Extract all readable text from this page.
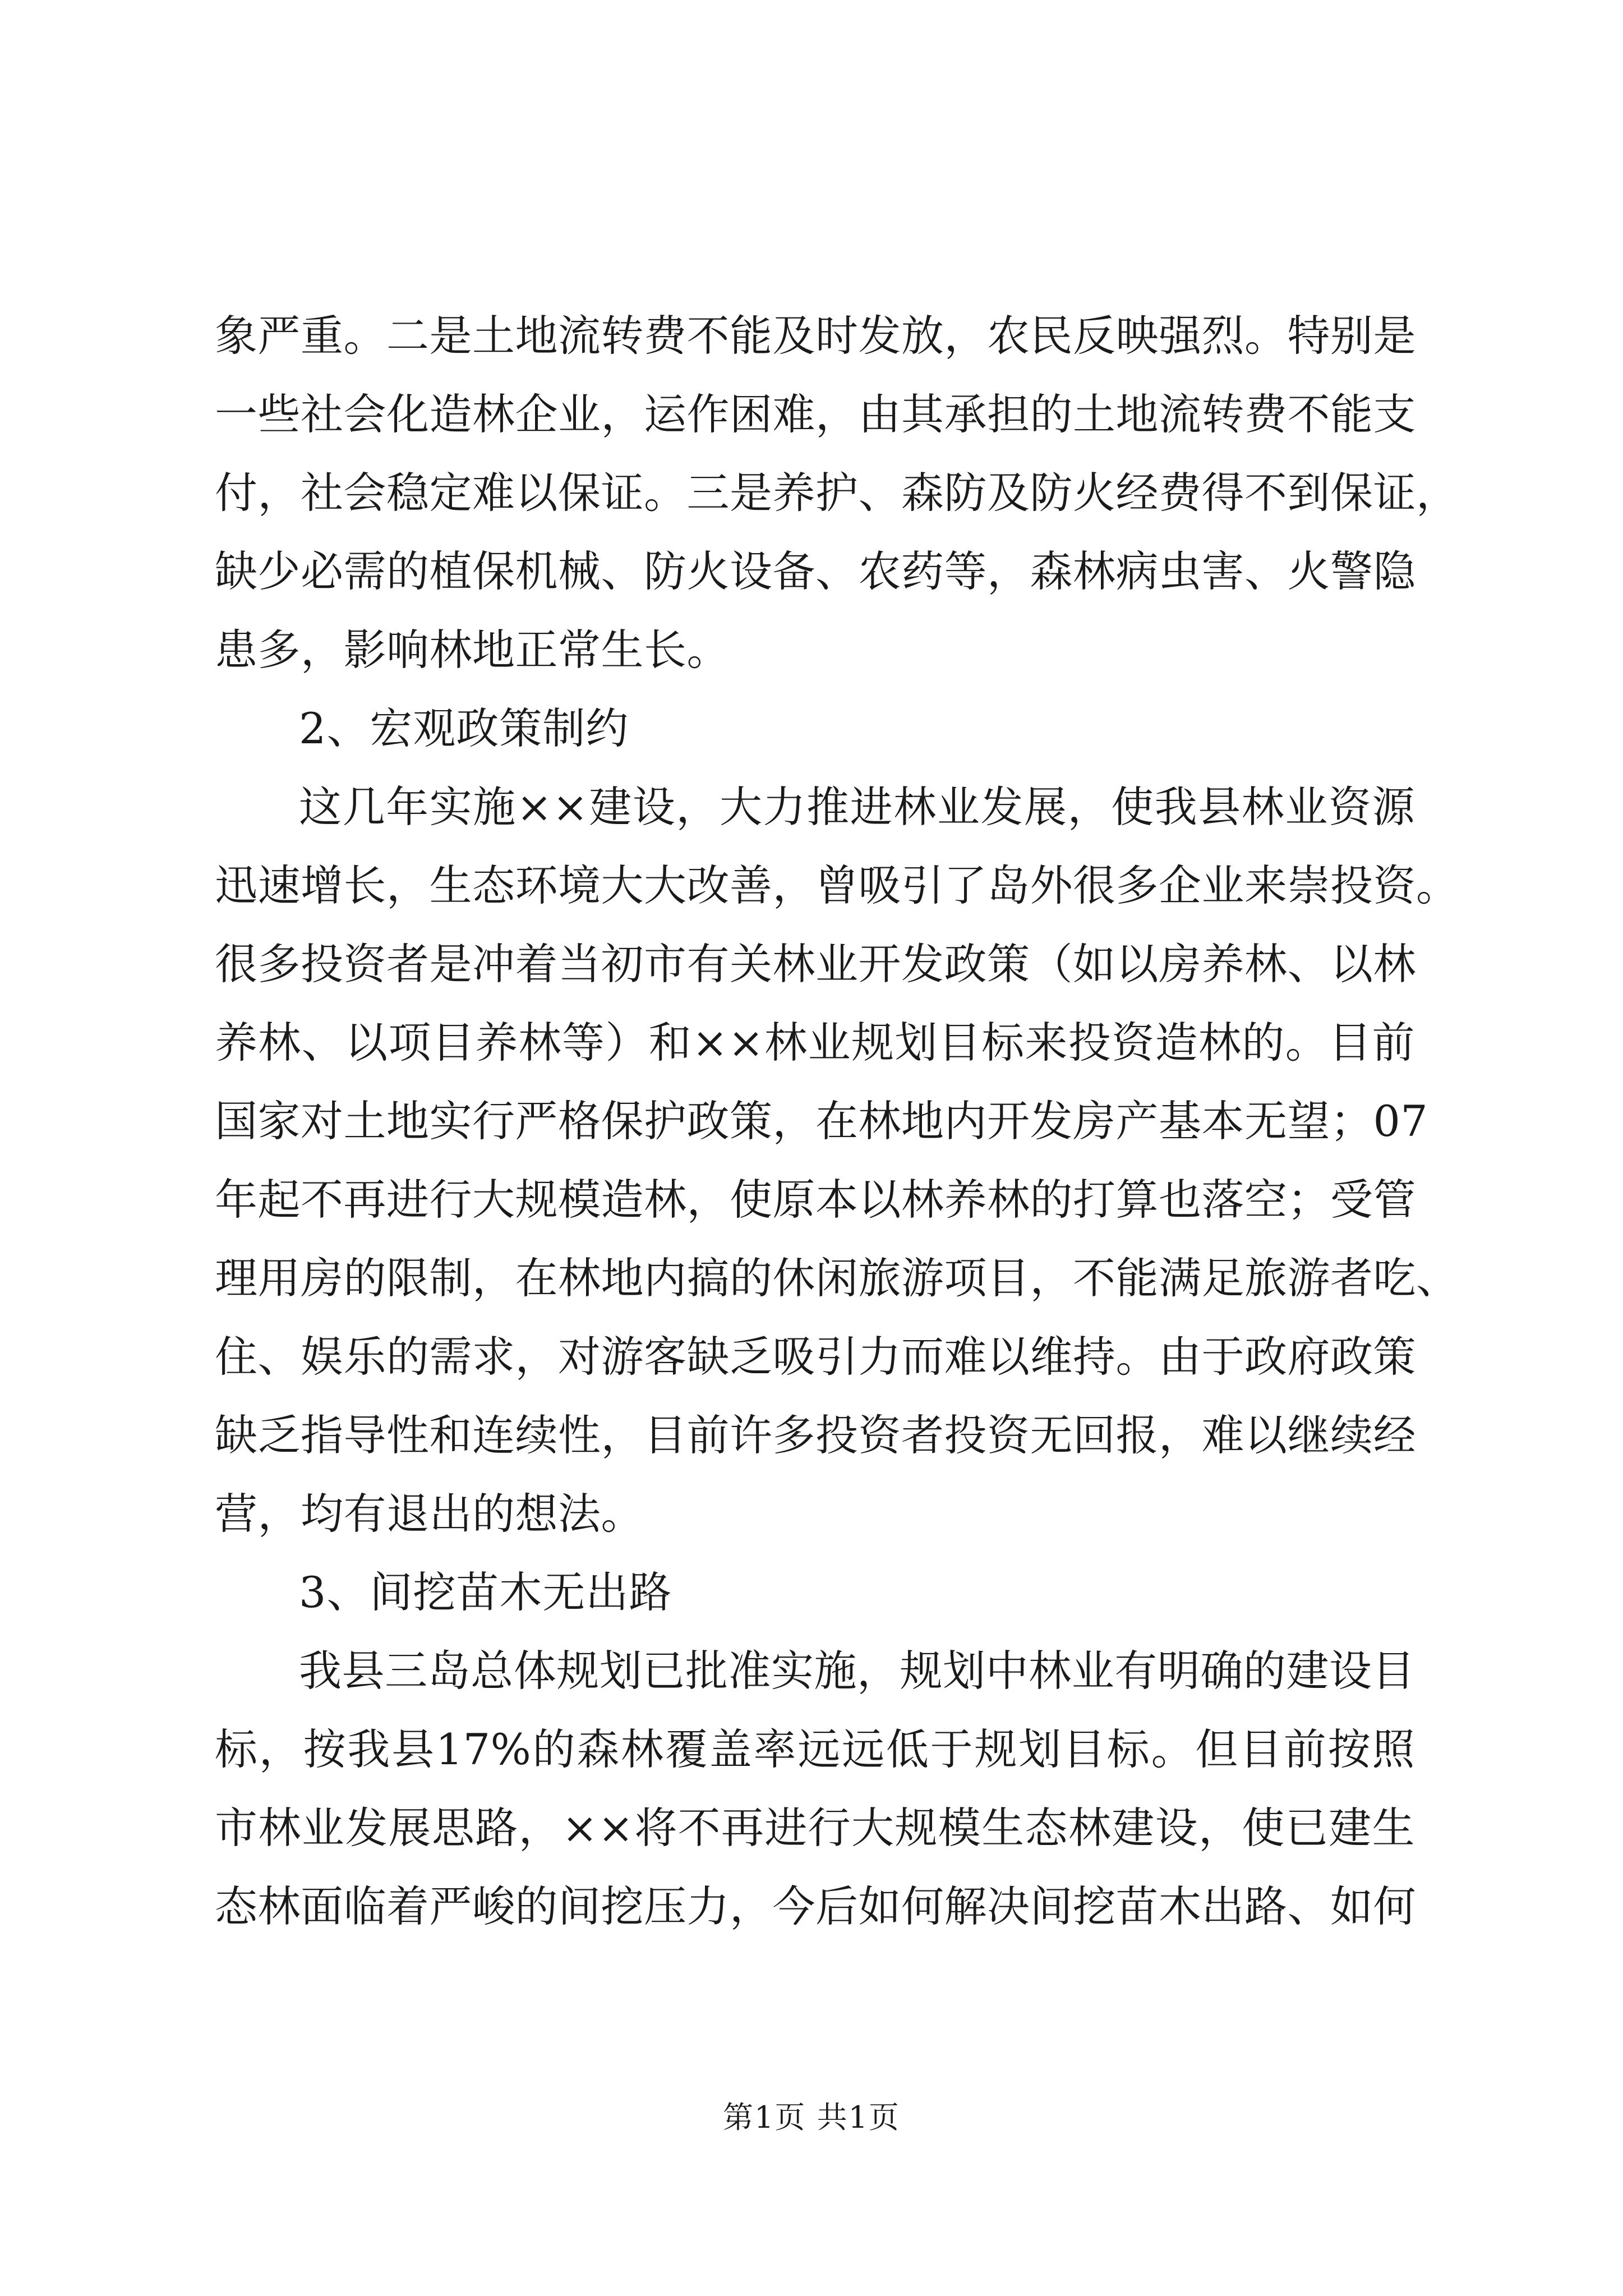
象严重。二是土地流转费不能及时发放，农民反映强烈。特别是
一些社会化造林企业，运作困难，由其承担的土地流转费不能支
付，社会稳定难以保证。三是养护、森防及防火经费得不到保证，
缺少必需的植保机械、防火设备、农药等，森林病虫害、火警隐
患多，影响林地正常生长。
2、宏观政策制约
这几年实施××建设，大力推进林业发展，使我县林业资源
迅速增长，生态环境大大改善，曾吸引了岛外很多企业来崇投资。
很多投资者是冲着当初市有关林业开发政策（如以房养林、以林
养林、以项目养林等）和××林业规划目标来投资造林的。目前
国家对土地实行严格保护政策，在林地内开发房产基本无望；07
年起不再进行大规模造林，使原本以林养林的打算也落空；受管
理用房的限制，在林地内搞的休闲旅游项目，不能满足旅游者吃、
住、娱乐的需求，对游客缺乏吸引力而难以维持。由于政府政策
缺乏指导性和连续性，目前许多投资者投资无回报，难以继续经
营，均有退出的想法。
3、间挖苗木无出路
我县三岛总体规划已批准实施，规划中林业有明确的建设目
标，按我县17%的森林覆盖率远远低于规划目标。但目前按照
市林业发展思路，××将不再进行大规模生态林建设，使已建生
态林面临着严峻的间挖压力，今后如何解决间挖苗木出路、如何
第1页 共1页
